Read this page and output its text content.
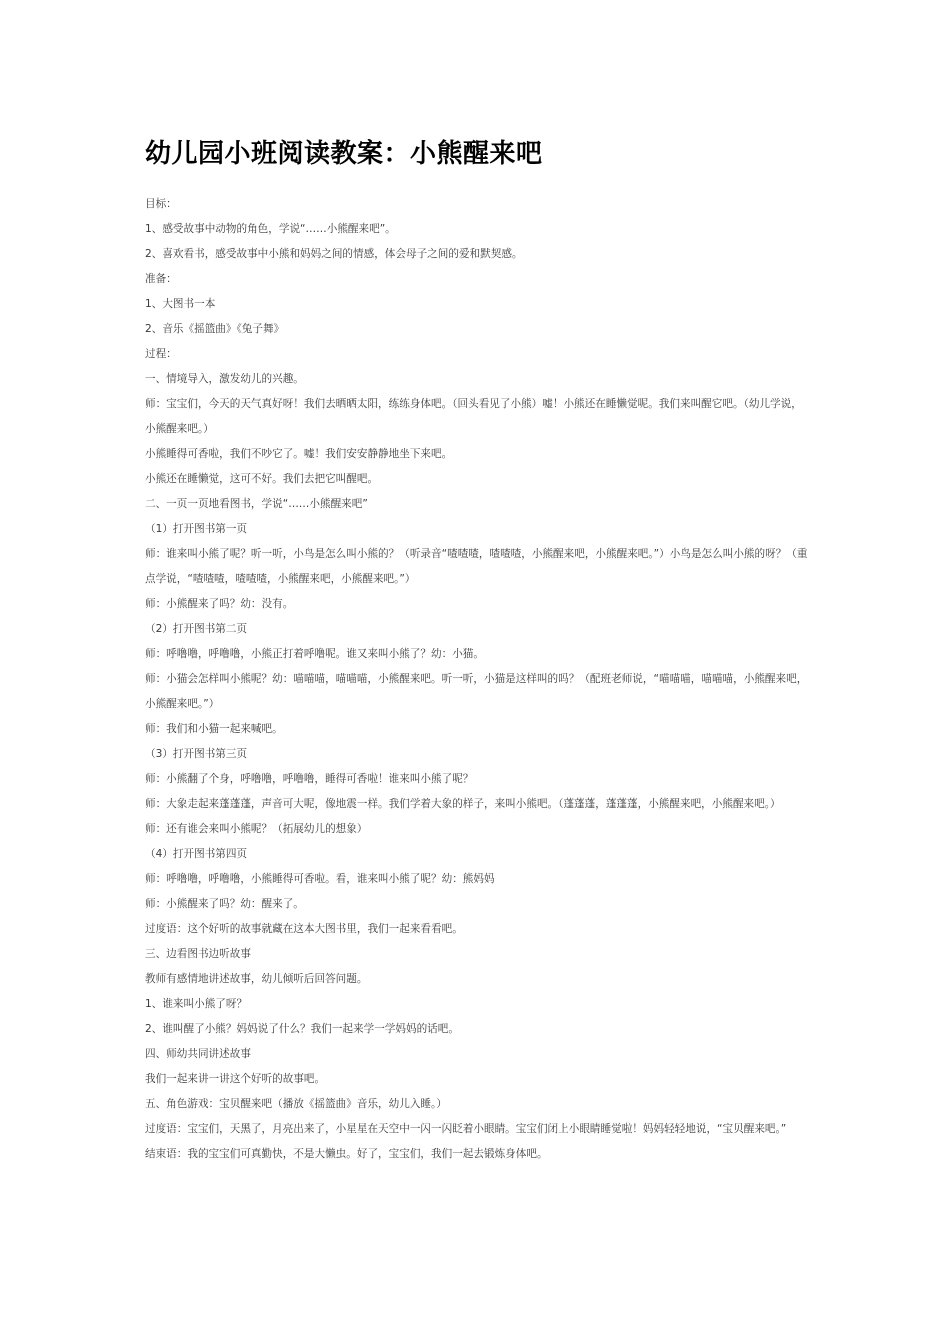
幼儿园小班阅读教案：小熊醒来吧

目标：

1、感受故事中动物的角色，学说“……小熊醒来吧”。

2、喜欢看书，感受故事中小熊和妈妈之间的情感，体会母子之间的爱和默契感。

准备：

1、大图书一本

2、音乐《摇篮曲》《兔子舞》

过程：

一、情境导入，激发幼儿的兴趣。

师：宝宝们，今天的天气真好呀！我们去晒晒太阳，练练身体吧。（回头看见了小熊）嘘！小熊还在睡懒觉呢。我们来叫醒它吧。（幼儿学说，小熊醒来吧。）

小熊睡得可香啦，我们不吵它了。嘘！我们安安静静地坐下来吧。

小熊还在睡懒觉，这可不好。我们去把它叫醒吧。

二、一页一页地看图书，学说“……小熊醒来吧”

（1）打开图书第一页

师：谁来叫小熊了呢？听一听，小鸟是怎么叫小熊的？（听录音“喳喳喳，喳喳喳，小熊醒来吧，小熊醒来吧。”）小鸟是怎么叫小熊的呀？（重点学说，“喳喳喳，喳喳喳，小熊醒来吧，小熊醒来吧。”）

师：小熊醒来了吗？幼：没有。

（2）打开图书第二页

师：呼噜噜，呼噜噜，小熊正打着呼噜呢。谁又来叫小熊了？幼：小猫。

师：小猫会怎样叫小熊呢？幼：喵喵喵，喵喵喵，小熊醒来吧。听一听，小猫是这样叫的吗？（配班老师说，“喵喵喵，喵喵喵，小熊醒来吧，小熊醒来吧。”）

师：我们和小猫一起来喊吧。

（3）打开图书第三页

师：小熊翻了个身，呼噜噜，呼噜噜，睡得可香啦！谁来叫小熊了呢？

师：大象走起来蓬蓬蓬，声音可大呢，像地震一样。我们学着大象的样子，来叫小熊吧。（蓬蓬蓬，蓬蓬蓬，小熊醒来吧，小熊醒来吧。）

师：还有谁会来叫小熊呢？（拓展幼儿的想象）

（4）打开图书第四页

师：呼噜噜，呼噜噜，小熊睡得可香啦。看，谁来叫小熊了呢？幼：熊妈妈

师：小熊醒来了吗？幼：醒来了。

过度语：这个好听的故事就藏在这本大图书里，我们一起来看看吧。

三、边看图书边听故事

教师有感情地讲述故事，幼儿倾听后回答问题。

1、谁来叫小熊了呀？

2、谁叫醒了小熊？妈妈说了什么？我们一起来学一学妈妈的话吧。

四、师幼共同讲述故事

我们一起来讲一讲这个好听的故事吧。

五、角色游戏：宝贝醒来吧（播放《摇篮曲》音乐，幼儿入睡。）

过度语：宝宝们，天黑了，月亮出来了，小星星在天空中一闪一闪眨着小眼睛。宝宝们闭上小眼睛睡觉啦！妈妈轻轻地说，“宝贝醒来吧。”

结束语：我的宝宝们可真勤快，不是大懒虫。好了，宝宝们，我们一起去锻炼身体吧。
